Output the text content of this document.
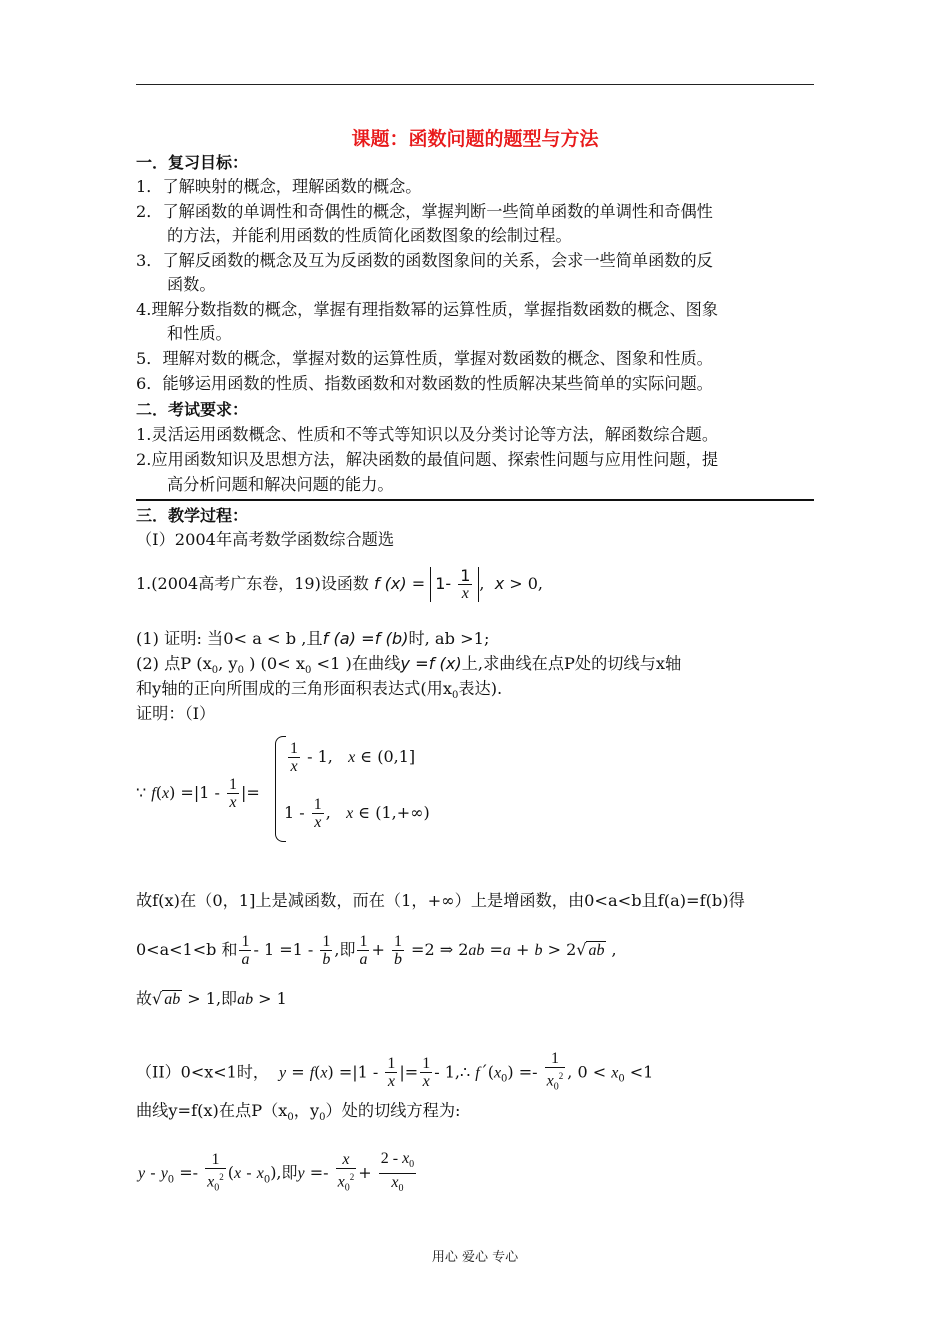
课题：函数问题的题型与方法
一．复习目标：
1．了解映射的概念，理解函数的概念。
2．了解函数的单调性和奇偶性的概念，掌握判断一些简单函数的单调性和奇偶性
的方法，并能利用函数的性质简化函数图象的绘制过程。
3．了解反函数的概念及互为反函数的函数图象间的关系，会求一些简单函数的反
函数。
4.理解分数指数的概念，掌握有理指数幂的运算性质，掌握指数函数的概念、图象
和性质。
5．理解对数的概念，掌握对数的运算性质，掌握对数函数的概念、图象和性质。
6．能够运用函数的性质、指数函数和对数函数的性质解决某些简单的实际问题。
二．考试要求：
1.灵活运用函数概念、性质和不等式等知识以及分类讨论等方法，解函数综合题。
2.应用函数知识及思想方法，解决函数的最值问题、探索性问题与应用性问题，提
高分析问题和解决问题的能力。
三．教学过程：
（Ⅰ）2004年高考数学函数综合题选
1.(2004高考广东卷，19)设函数 f $(x) = 1- \frac{1}{x}$ ,  x > 0,
(1) 证明: 当0< a < b ,且f (a) =f (b)时, ab >1;
(2) 点P ($x_0$, $y_0$ ) ($0< x_0 <1$ )在曲线y =f (x)上,求曲线在点P处的切线与x轴
和y轴的正向所围成的三角形面积表达式(用$x_0$表达).
证明：（I）
∵ $f(x) =|1 - \frac{1}{x}$ |=
$\frac{1}{x} - 1$,   x ∈ (0,1]
$1 - \frac{1}{x}$ ,   x ∈ (1,+∞)
故f(x)在（0，1]上是减函数，而在（1，+∞）上是增函数，由0<a<b且f(a)=f(b)得
0<a<1<b 和 $\frac{1}{a} - 1 =1 - \frac{1}{b}$ ,即 $\frac{1}{a} + \frac{1}{b} =2$ ⇒ 2ab =a + b > 2√ ab ,
故√ ab > 1,即ab > 1
（II）0<x<1时， $y = f(x) =|1 - \frac{1}{x}$ |= $\frac{1}{x}$ - 1,∴ $fˊ(x_0) =- \frac{1}{x_0^2}$ , $0 < x_0 <1$
曲线y=f(x)在点$P(x_0$，$y_0$）处的切线方程为:
$y - y_0 =- \frac{1}{x_0^2} (x - x_0)$,即$y =- \frac{x}{x_0^2} + \frac{2 - x_0}{x_0}$
用心 爱心 专心
